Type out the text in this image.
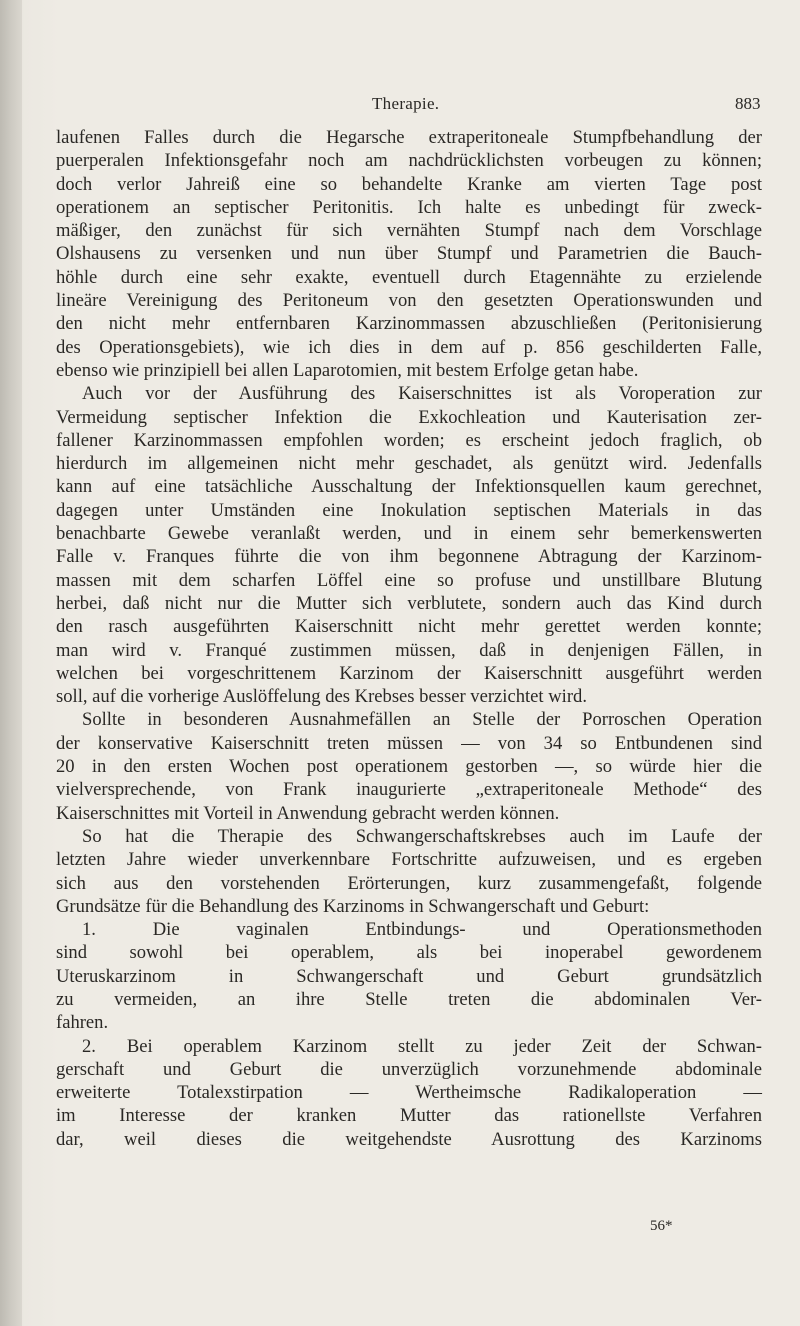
Therapie.	883
laufenen Falles durch die Hegarsche extraperitoneale Stumpfbehandlung der
puerperalen Infektionsgefahr noch am nachdrücklichsten vorbeugen zu können;
doch verlor Jahreiß eine so behandelte Kranke am vierten Tage post
operationem an septischer Peritonitis. Ich halte es unbedingt für zweck-
mäßiger, den zunächst für sich vernähten Stumpf nach dem Vorschlage
Olshausens zu versenken und nun über Stumpf und Parametrien die Bauch-
höhle durch eine sehr exakte, eventuell durch Etagennähte zu erzielende
lineäre Vereinigung des Peritoneum von den gesetzten Operationswunden und
den nicht mehr entfernbaren Karzinommassen abzuschließen (Peritonisierung
des Operationsgebiets), wie ich dies in dem auf p. 856 geschilderten Falle,
ebenso wie prinzipiell bei allen Laparotomien, mit bestem Erfolge getan habe.
Auch vor der Ausführung des Kaiserschnittes ist als Voroperation zur
Vermeidung septischer Infektion die Exkochleation und Kauterisation zer-
fallener Karzinommassen empfohlen worden; es erscheint jedoch fraglich, ob
hierdurch im allgemeinen nicht mehr geschadet, als genützt wird. Jedenfalls
kann auf eine tatsächliche Ausschaltung der Infektionsquellen kaum gerechnet,
dagegen unter Umständen eine Inokulation septischen Materials in das
benachbarte Gewebe veranlaßt werden, und in einem sehr bemerkenswerten
Falle v. Franques führte die von ihm begonnene Abtragung der Karzinom-
massen mit dem scharfen Löffel eine so profuse und unstillbare Blutung
herbei, daß nicht nur die Mutter sich verblutete, sondern auch das Kind durch
den rasch ausgeführten Kaiserschnitt nicht mehr gerettet werden konnte;
man wird v. Franqué zustimmen müssen, daß in denjenigen Fällen, in
welchen bei vorgeschrittenem Karzinom der Kaiserschnitt ausgeführt werden
soll, auf die vorherige Auslöffelung des Krebses besser verzichtet wird.
Sollte in besonderen Ausnahmefällen an Stelle der Porroschen Operation
der konservative Kaiserschnitt treten müssen — von 34 so Entbundenen sind
20 in den ersten Wochen post operationem gestorben —, so würde hier die
vielversprechende, von Frank inaugurierte „extraperitoneale Methode“ des
Kaiserschnittes mit Vorteil in Anwendung gebracht werden können.
So hat die Therapie des Schwangerschaftskrebses auch im Laufe der
letzten Jahre wieder unverkennbare Fortschritte aufzuweisen, und es ergeben
sich aus den vorstehenden Erörterungen, kurz zusammengefaßt, folgende
Grundsätze für die Behandlung des Karzinoms in Schwangerschaft und Geburt:
1. Die vaginalen Entbindungs- und Operationsmethoden
sind sowohl bei operablem, als bei inoperabel gewordenem
Uteruskarzinom in Schwangerschaft und Geburt grundsätzlich
zu vermeiden, an ihre Stelle treten die abdominalen Ver-
fahren.
2. Bei operablem Karzinom stellt zu jeder Zeit der Schwan-
gerschaft und Geburt die unverzüglich vorzunehmende abdominale
erweiterte Totalexstirpation — Wertheimsche Radikaloperation —
im Interesse der kranken Mutter das rationellste Verfahren
dar, weil dieses die weitgehendste Ausrottung des Karzinoms
56*
